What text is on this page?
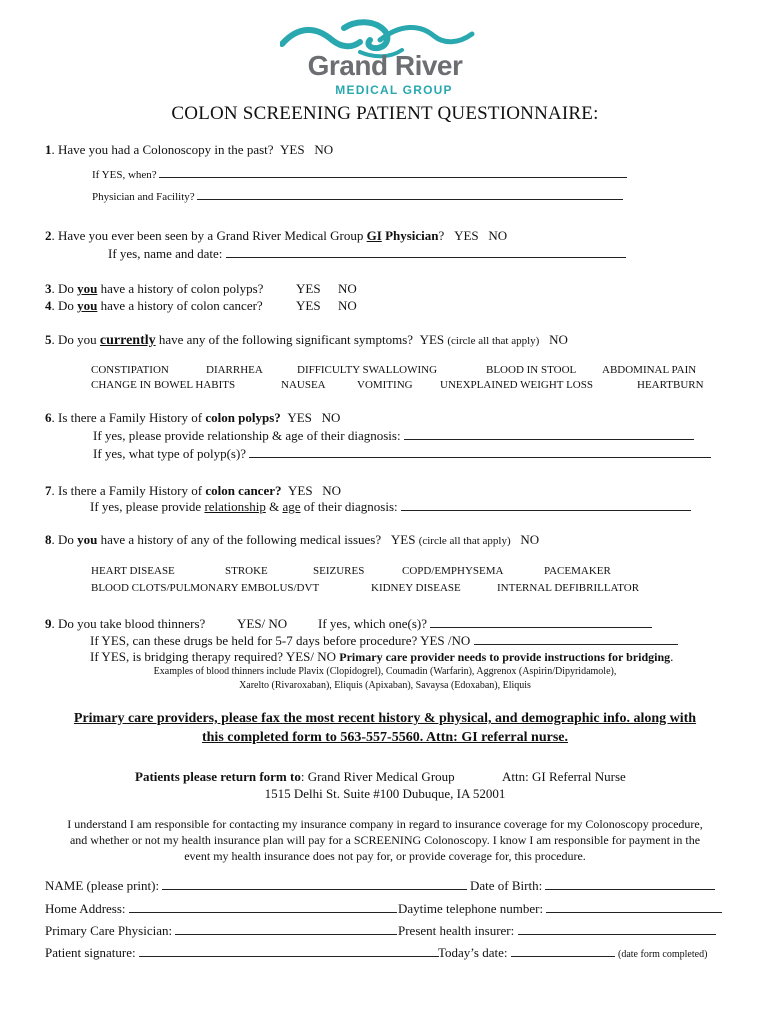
Grand River
MEDICAL GROUP
COLON SCREENING PATIENT QUESTIONNAIRE:
1. Have you had a Colonoscopy in the past? YES NO
If YES, when?
Physician and Facility?
2. Have you ever been seen by a Grand River Medical Group GI Physician? YES NO
If yes, name and date:
3. Do you have a history of colon polyps?	YES NO
4. Do you have a history of colon cancer?	YES NO
5. Do you currently have any of the following significant symptoms? YES (circle all that apply) NO
CONSTIPATION	DIARRHEA	DIFFICULTY SWALLOWING	BLOOD IN STOOL ABDOMINAL PAIN
CHANGE IN BOWEL HABITS	NAUSEA	VOMITING UNEXPLAINED WEIGHT LOSS	HEARTBURN
6. Is there a Family History of colon polyps? YES NO
If yes, please provide relationship & age of their diagnosis:
If yes, what type of polyp(s)?
7. Is there a Family History of colon cancer? YES NO
If yes, please provide relationship & age of their diagnosis:
8. Do you have a history of any of the following medical issues? YES (circle all that apply) NO
HEART DISEASE	STROKE	SEIZURES	COPD/EMPHYSEMA	PACEMAKER
BLOOD CLOTS/PULMONARY EMBOLUS/DVT	KIDNEY DISEASE	INTERNAL DEFIBRILLATOR
9. Do you take blood thinners? YES/ NO If yes, which one(s)?
If YES, can these drugs be held for 5-7 days before procedure? YES /NO
If YES, is bridging therapy required? YES/ NO Primary care provider needs to provide instructions for bridging.
Examples of blood thinners include Plavix (Clopidogrel), Coumadin (Warfarin), Aggrenox (Aspirin/Dipyridamole),
Xarelto (Rivaroxaban), Eliquis (Apixaban), Savaysa (Edoxaban), Eliquis
Primary care providers, please fax the most recent history & physical, and demographic info. along with
this completed form to 563-557-5560. Attn: GI referral nurse.
Patients please return form to: Grand River Medical Group	Attn: GI Referral Nurse
1515 Delhi St. Suite #100 Dubuque, IA 52001
I understand I am responsible for contacting my insurance company in regard to insurance coverage for my Colonoscopy procedure,
and whether or not my health insurance plan will pay for a SCREENING Colonoscopy. I know I am responsible for payment in the
event my health insurance does not pay for, or provide coverage for, this procedure.
NAME (please print):	Date of Birth:
Home Address:	Daytime telephone number:
Primary Care Physician:	Present health insurer:
Patient signature:	Today’s date:	(date form completed)
